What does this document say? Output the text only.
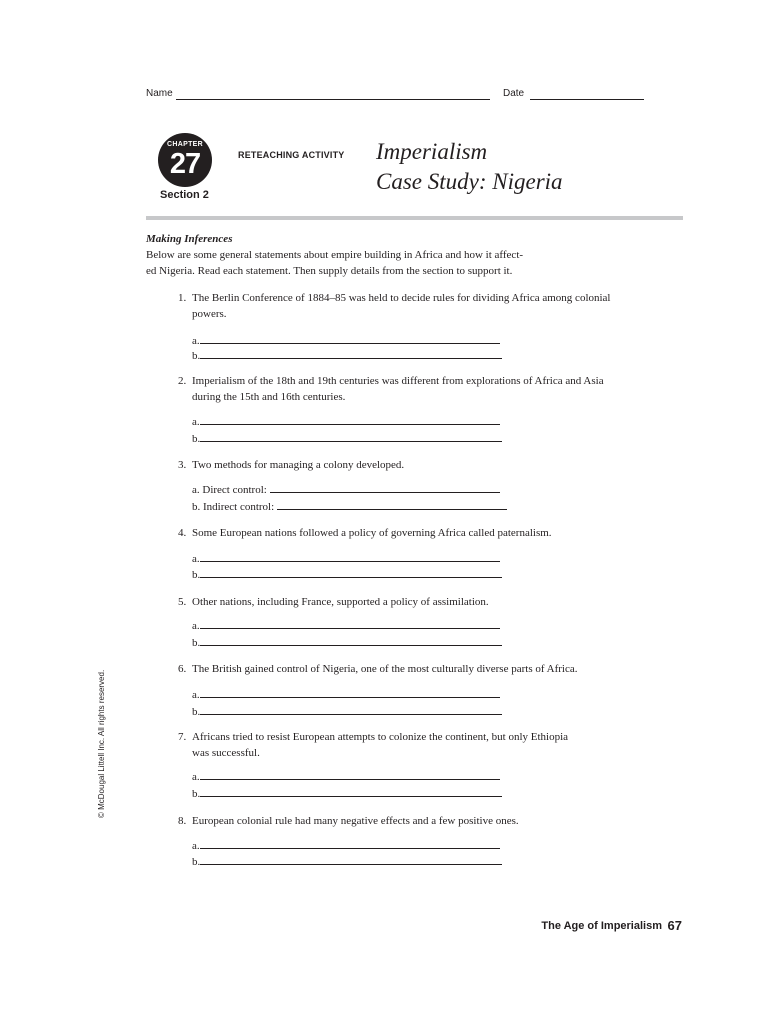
Name	Date
CHAPTER
27
Section 2
RETEACHING ACTIVITY Imperialism
Case Study: Nigeria
Making Inferences
Below are some general statements about empire building in Africa and how it affect-
ed Nigeria. Read each statement. Then supply details from the section to support it.
1. The Berlin Conference of 1884–85 was held to decide rules for dividing Africa among colonial
powers.
a.
b.
2. Imperialism of the 18th and 19th centuries was different from explorations of Africa and Asia
during the 15th and 16th centuries.
a.
b.
3. Two methods for managing a colony developed.
a. Direct control:
b. Indirect control:
4. Some European nations followed a policy of governing Africa called paternalism.
a.
b.
5. Other nations, including France, supported a policy of assimilation.
a.
b.
6. The British gained control of Nigeria, one of the most culturally diverse parts of Africa.
a.
b.
7. Africans tried to resist European attempts to colonize the continent, but only Ethiopia
was successful.
a.
b.
8. European colonial rule had many negative effects and a few positive ones.
a.
b.
© McDougal Littell Inc. All rights reserved.
The Age of Imperialism 67
